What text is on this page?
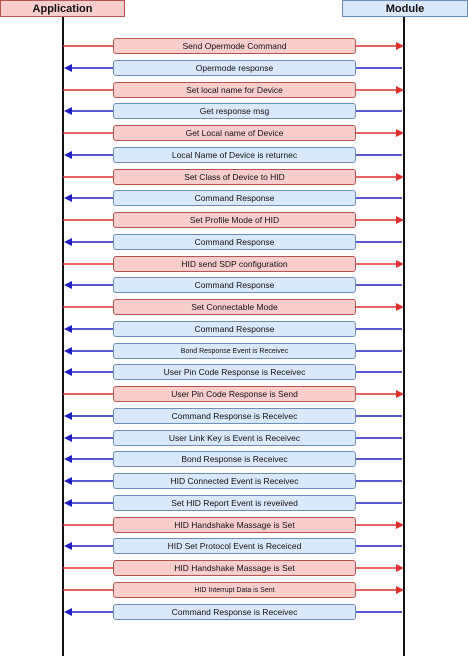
Application	Module
Send Opermode Command
Opermode response
Set local name for Device
Get response msg
Get Local name of Device
Local Name of Device is returnec
Set Class of Device to HID
Command Response
Set Profile Mode of HID
Command Response
HID send SDP configuration
Command Response
Set Connectable Mode
Command Response
Bond Response Event is Receivec
User Pin Code Response is Receivec
User Pin Code Response is Send
Command Response is Receivec
User Link Key is Event is Receivec
Bond Response is Receivec
HID Connected Event is Receivec
Set HID Report Event is reveiived
HID Handshake Massage is Set
HID Set Protocol Event is Receiced
HID Handshake Massage is Set
HID Interrupt Data is Sent
Command Response is Receivec
